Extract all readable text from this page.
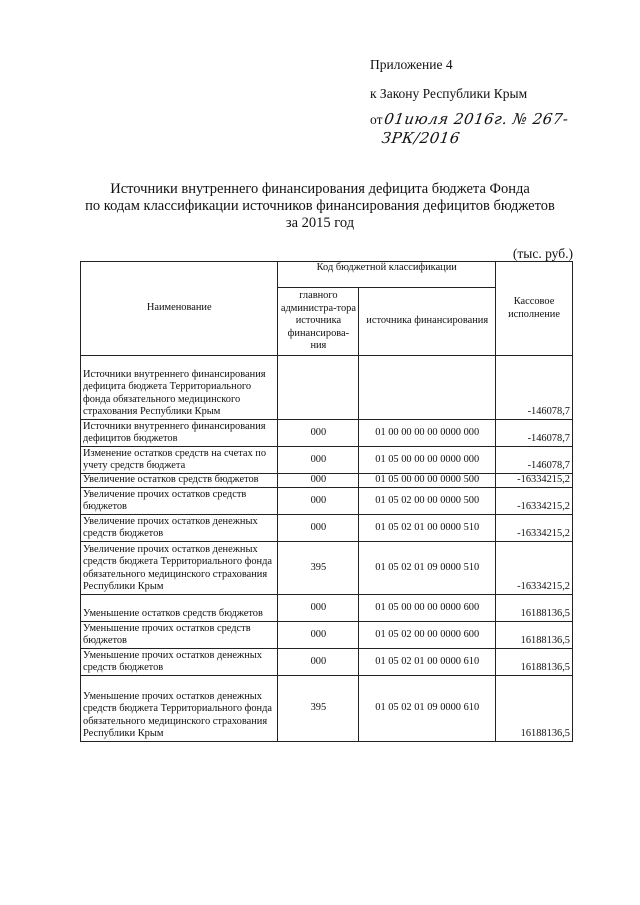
Приложение 4
к Закону Республики Крым
от 01июля 2016г. № 267-ЗРК/2016
Источники внутреннего финансирования дефицита бюджета Фонда
по кодам классификации источников финансирования дефицитов бюджетов
за 2015 год
(тыс. руб.)
Наименование	Код бюджетной классификации		Кассовое исполнение
	главного администра-тора источника финансирова-ния	источника финансирования	
Источники внутреннего финансирования дефицита бюджета Территориального фонда обязательного медицинского страхования Республики Крым			-146078,7
Источники внутреннего финансирования дефицитов бюджетов	000	01 00 00 00 00 0000 000	-146078,7
Изменение остатков средств на счетах по учету средств бюджета	000	01 05 00 00 00 0000 000	-146078,7
Увеличение остатков средств бюджетов	000	01 05 00 00 00 0000 500	-16334215,2
Увеличение прочих остатков средств бюджетов	000	01 05 02 00 00 0000 500	-16334215,2
Увеличение прочих остатков денежных средств бюджетов	000	01 05 02 01 00 0000 510	-16334215,2
Увеличение прочих остатков денежных средств бюджета Территориального фонда обязательного медицинского страхования Республики Крым	395	01 05 02 01 09 0000 510	-16334215,2
Уменьшение остатков средств бюджетов	000	01 05 00 00 00 0000 600	16188136,5
Уменьшение прочих остатков средств бюджетов	000	01 05 02 00 00 0000 600	16188136,5
Уменьшение прочих остатков денежных средств бюджетов	000	01 05 02 01 00 0000 610	16188136,5
Уменьшение прочих остатков денежных средств бюджета Территориального фонда обязательного медицинского страхования Республики Крым	395	01 05 02 01 09 0000 610	16188136,5
